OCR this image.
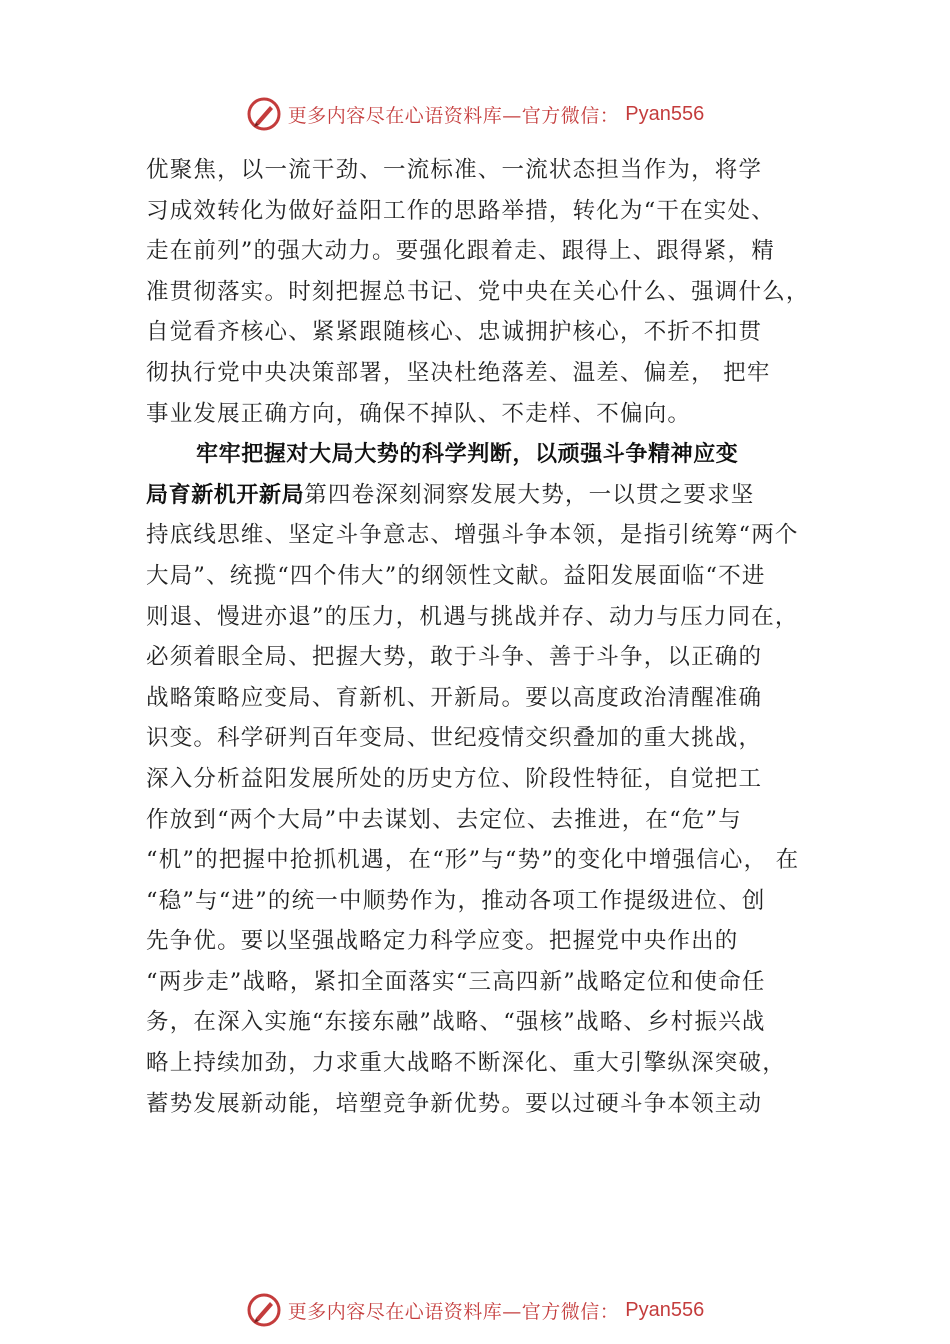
更多内容尽在心语资料库—官方微信： Pyan556
优聚焦，以一流干劲、一流标准、一流状态担当作为，将学
习成效转化为做好益阳工作的思路举措，转化为“干在实处、
走在前列”的强大动力。要强化跟着走、跟得上、跟得紧，精
准贯彻落实。时刻把握总书记、党中央在关心什么、强调什么，
自觉看齐核心、紧紧跟随核心、忠诚拥护核心，不折不扣贯
彻执行党中央决策部署，坚决杜绝落差、温差、偏差， 把牢
事业发展正确方向，确保不掉队、不走样、不偏向。
牢牢把握对大局大势的科学判断，以顽强斗争精神应变
局育新机开新局第四卷深刻洞察发展大势，一以贯之要求坚
持底线思维、坚定斗争意志、增强斗争本领，是指引统筹“两个
大局”、统揽“四个伟大”的纲领性文献。益阳发展面临“不进
则退、慢进亦退”的压力，机遇与挑战并存、动力与压力同在，
必须着眼全局、把握大势，敢于斗争、善于斗争，以正确的
战略策略应变局、育新机、开新局。要以高度政治清醒准确
识变。科学研判百年变局、世纪疫情交织叠加的重大挑战，
深入分析益阳发展所处的历史方位、阶段性特征，自觉把工
作放到“两个大局”中去谋划、去定位、去推进，在“危”与
“机”的把握中抢抓机遇，在“形”与“势”的变化中增强信心， 在
“稳”与“进”的统一中顺势作为，推动各项工作提级进位、创
先争优。要以坚强战略定力科学应变。把握党中央作出的
“两步走”战略，紧扣全面落实“三高四新”战略定位和使命任
务，在深入实施“东接东融”战略、“强核”战略、乡村振兴战
略上持续加劲，力求重大战略不断深化、重大引擎纵深突破，
蓄势发展新动能，培塑竞争新优势。要以过硬斗争本领主动
更多内容尽在心语资料库—官方微信： Pyan556
